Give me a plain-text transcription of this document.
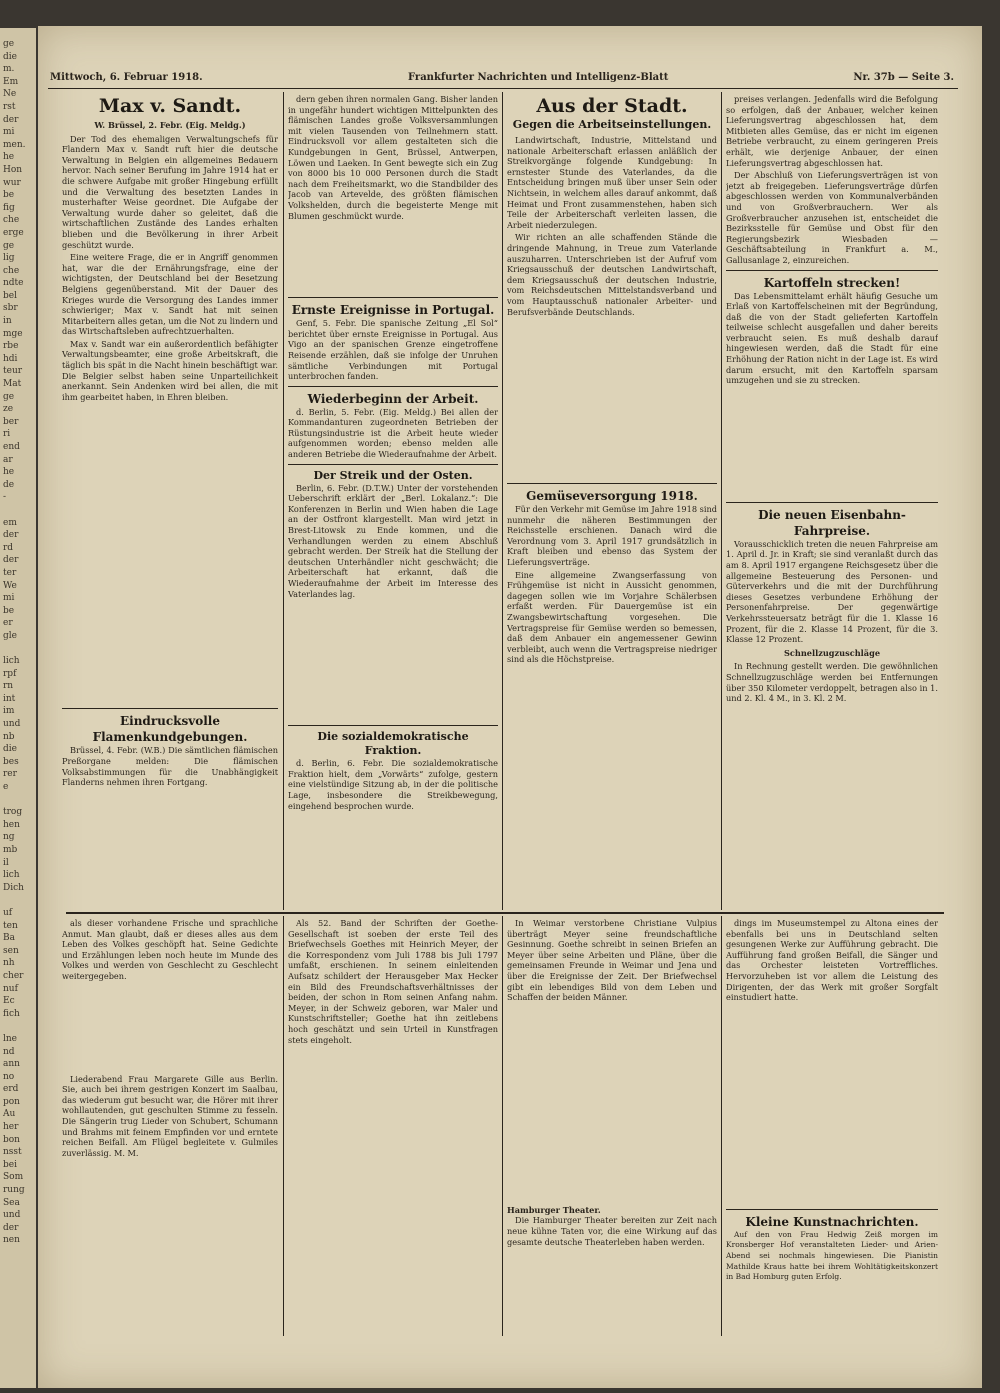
ge
die
m.
Em
Ne
rst
der
mi
men.
he
Hon
wur
be
fig
che
erge
ge
lig
che
ndte
bel
sbr
in
mge
rbe
hdi
teur
Mat
ge
ze
ber
ri
end
ar
he
de
-

em
der
rd
der
ter
We
mi
be
er
gle

lich
rpf
rn
int
im
und
nb
die
bes
rer
e

trog
hen
ng
mb
il
lich
Dich

uf
ten
Ba
sen
nh
cher
nuf
Ec
fich

lne
nd
ann
no
erd
pon
Au
her
bon
nsst
bei
Som
rung
Sea
und
der
nen
Mittwoch, 6. Februar 1918.	Frankfurter Nachrichten und Intelligenz-Blatt	Nr. 37b — Seite 3.
Max v. Sandt.
W. Brüssel, 2. Febr. (Eig. Meldg.)

Der Tod des ehemaligen Verwaltungschefs für Flandern Max v. Sandt ruft hier die deutsche Verwaltung in Belgien ein allgemeines Bedauern hervor. Nach seiner Berufung im Jahre 1914 hat er die schwere Aufgabe mit großer Hingebung erfüllt und die Verwaltung des besetzten Landes in musterhafter Weise geordnet. Die Aufgabe der Verwaltung wurde daher so geleitet, daß die wirtschaftlichen Zustände des Landes erhalten blieben und die Bevölkerung in ihrer Arbeit geschützt wurde.

Eine weitere Frage, die er in Angriff genommen hat, war die der Ernährungsfrage, eine der wichtigsten, der Deutschland bei der Besetzung Belgiens gegenüberstand. Mit der Dauer des Krieges wurde die Versorgung des Landes immer schwieriger; Max v. Sandt hat mit seinen Mitarbeitern alles getan, um die Not zu lindern und das Wirtschaftsleben aufrechtzuerhalten.

Max v. Sandt war ein außerordentlich befähigter Verwaltungsbeamter, eine große Arbeitskraft, die täglich bis spät in die Nacht hinein beschäftigt war. Die Belgier selbst haben seine Unparteilichkeit anerkannt. Sein Andenken wird bei allen, die mit ihm gearbeitet haben, in Ehren bleiben.

Eindrucksvolle Flamenkundgebungen.

Brüssel, 4. Febr. (W.B.) Die sämtlichen flämischen Preßorgane melden: Die flämischen Volksabstimmungen für die Unabhängigkeit Flanderns nehmen ihren Fortgang.

dern geben ihren normalen Gang. Bisher landen in ungefähr hundert wichtigen Mittelpunkten des flämischen Landes große Volksversammlungen mit vielen Tausenden von Teilnehmern statt. Eindrucksvoll vor allem gestalteten sich die Kundgebungen in Gent, Brüssel, Antwerpen, Löwen und Laeken. In Gent bewegte sich ein Zug von 8000 bis 10 000 Personen durch die Stadt nach dem Freiheitsmarkt, wo die Standbilder des Jacob van Artevelde, des größten flämischen Volkshelden, durch die begeisterte Menge mit Blumen geschmückt wurde.

Ernste Ereignisse in Portugal.

Genf, 5. Febr. Die spanische Zeitung „El Sol“ berichtet über ernste Ereignisse in Portugal. Aus Vigo an der spanischen Grenze eingetroffene Reisende erzählen, daß sie infolge der Unruhen sämtliche Verbindungen mit Portugal unterbrochen fanden.

Wiederbeginn der Arbeit.

d. Berlin, 5. Febr. (Eig. Meldg.) Bei allen der Kommandanturen zugeordneten Betrieben der Rüstungsindustrie ist die Arbeit heute wieder aufgenommen worden; ebenso melden alle anderen Betriebe die Wiederaufnahme der Arbeit.

Der Streik und der Osten.

Berlin, 6. Febr. (D.T.W.) Unter der vorstehenden Ueberschrift erklärt der „Berl. Lokalanz.“: Die Konferenzen in Berlin und Wien haben die Lage an der Ostfront klargestellt. Man wird jetzt in Brest-Litowsk zu Ende kommen, und die Verhandlungen werden zu einem Abschluß gebracht werden. Der Streik hat die Stellung der deutschen Unterhändler nicht geschwächt; die Arbeiterschaft hat erkannt, daß die Wiederaufnahme der Arbeit im Interesse des Vaterlandes lag.

Die sozialdemokratische Fraktion.

d. Berlin, 6. Febr. Die sozialdemokratische Fraktion hielt, dem „Vorwärts“ zufolge, gestern eine vielstündige Sitzung ab, in der die politische Lage, insbesondere die Streikbewegung, eingehend besprochen wurde.

Aus der Stadt.
Gegen die Arbeitseinstellungen.

Landwirtschaft, Industrie, Mittelstand und nationale Arbeiterschaft erlassen anläßlich der Streikvorgänge folgende Kundgebung: In ernstester Stunde des Vaterlandes, da die Entscheidung bringen muß über unser Sein oder Nichtsein, in welchem alles darauf ankommt, daß Heimat und Front zusammenstehen, haben sich Teile der Arbeiterschaft verleiten lassen, die Arbeit niederzulegen.

Wir richten an alle schaffenden Stände die dringende Mahnung, in Treue zum Vaterlande auszuharren. Unterschrieben ist der Aufruf vom Kriegsausschuß der deutschen Landwirtschaft, dem Kriegsausschuß der deutschen Industrie, vom Reichsdeutschen Mittelstandsverband und vom Hauptausschuß nationaler Arbeiter- und Berufsverbände Deutschlands.

Gemüseversorgung 1918.

Für den Verkehr mit Gemüse im Jahre 1918 sind nunmehr die näheren Bestimmungen der Reichsstelle erschienen. Danach wird die Verordnung vom 3. April 1917 grundsätzlich in Kraft bleiben und ebenso das System der Lieferungsverträge.

Eine allgemeine Zwangserfassung von Frühgemüse ist nicht in Aussicht genommen, dagegen sollen wie im Vorjahre Schälerbsen erfaßt werden. Für Dauergemüse ist ein Zwangsbewirtschaftung vorgesehen. Die Vertragspreise für Gemüse werden so bemessen, daß dem Anbauer ein angemessener Gewinn verbleibt, auch wenn die Vertragspreise niedriger sind als die Höchstpreise.

preises verlangen. Jedenfalls wird die Befolgung so erfolgen, daß der Anbauer, welcher keinen Lieferungsvertrag abgeschlossen hat, dem Mitbieten alles Gemüse, das er nicht im eigenen Betriebe verbraucht, zu einem geringeren Preis erhält, wie derjenige Anbauer, der einen Lieferungsvertrag abgeschlossen hat.

Der Abschluß von Lieferungsverträgen ist von jetzt ab freigegeben. Lieferungsverträge dürfen abgeschlossen werden von Kommunalverbänden und von Großverbrauchern. Wer als Großverbraucher anzusehen ist, entscheidet die Bezirksstelle für Gemüse und Obst für den Regierungsbezirk Wiesbaden — Geschäftsabteilung in Frankfurt a. M., Gallusanlage 2, einzureichen.

Kartoffeln strecken!

Das Lebensmittelamt erhält häufig Gesuche um Erlaß von Kartoffelscheinen mit der Begründung, daß die von der Stadt gelieferten Kartoffeln teilweise schlecht ausgefallen und daher bereits verbraucht seien. Es muß deshalb darauf hingewiesen werden, daß die Stadt für eine Erhöhung der Ration nicht in der Lage ist. Es wird darum ersucht, mit den Kartoffeln sparsam umzugehen und sie zu strecken.

Die neuen Eisenbahn-Fahrpreise.

Vorausschicklich treten die neuen Fahrpreise am 1. April d. Jr. in Kraft; sie sind veranlaßt durch das am 8. April 1917 ergangene Reichsgesetz über die allgemeine Besteuerung des Personen- und Güterverkehrs und die mit der Durchführung dieses Gesetzes verbundene Erhöhung der Personenfahrpreise. Der gegenwärtige Verkehrssteuersatz beträgt für die 1. Klasse 16 Prozent, für die 2. Klasse 14 Prozent, für die 3. Klasse 12 Prozent.

Schnellzugzuschläge

In Rechnung gestellt werden. Die gewöhnlichen Schnellzugzuschläge werden bei Entfernungen über 350 Kilometer verdoppelt, betragen also in 1. und 2. Kl. 4 M., in 3. Kl. 2 M.

als dieser vorhandene Frische und sprachliche Anmut. Man glaubt, daß er dieses alles aus dem Leben des Volkes geschöpft hat. Seine Gedichte und Erzählungen leben noch heute im Munde des Volkes und werden von Geschlecht zu Geschlecht weitergegeben.

Liederabend Frau Margarete Gille aus Berlin. Sie, auch bei ihrem gestrigen Konzert im Saalbau, das wiederum gut besucht war, die Hörer mit ihrer wohllautenden, gut geschulten Stimme zu fesseln. Die Sängerin trug Lieder von Schubert, Schumann und Brahms mit feinem Empfinden vor und erntete reichen Beifall. Am Flügel begleitete v. Gulmiles zuverlässig. M. M.

Als 52. Band der Schriften der Goethe-Gesellschaft ist soeben der erste Teil des Briefwechsels Goethes mit Heinrich Meyer, der die Korrespondenz vom Juli 1788 bis Juli 1797 umfaßt, erschienen. In seinem einleitenden Aufsatz schildert der Herausgeber Max Hecker ein Bild des Freundschaftsverhältnisses der beiden, der schon in Rom seinen Anfang nahm. Meyer, in der Schweiz geboren, war Maler und Kunstschriftsteller; Goethe hat ihn zeitlebens hoch geschätzt und sein Urteil in Kunstfragen stets eingeholt.

In Weimar verstorbene Christiane Vulpius überträgt Meyer seine freundschaftliche Gesinnung. Goethe schreibt in seinen Briefen an Meyer über seine Arbeiten und Pläne, über die gemeinsamen Freunde in Weimar und Jena und über die Ereignisse der Zeit. Der Briefwechsel gibt ein lebendiges Bild von dem Leben und Schaffen der beiden Männer.

Hamburger Theater.

Die Hamburger Theater bereiten zur Zeit nach neue kühne Taten vor, die eine Wirkung auf das gesamte deutsche Theaterleben haben werden.

dings im Museumstempel zu Altona eines der ebenfalls bei uns in Deutschland selten gesungenen Werke zur Aufführung gebracht. Die Aufführung fand großen Beifall, die Sänger und das Orchester leisteten Vortreffliches. Hervorzuheben ist vor allem die Leistung des Dirigenten, der das Werk mit großer Sorgfalt einstudiert hatte.

Kleine Kunstnachrichten.

Auf den von Frau Hedwig Zeiß morgen im Kronsberger Hof veranstalteten Lieder- und Arien-Abend sei nochmals hingewiesen. Die Pianistin Mathilde Kraus hatte bei ihrem Wohltätigkeitskonzert in Bad Homburg guten Erfolg.
